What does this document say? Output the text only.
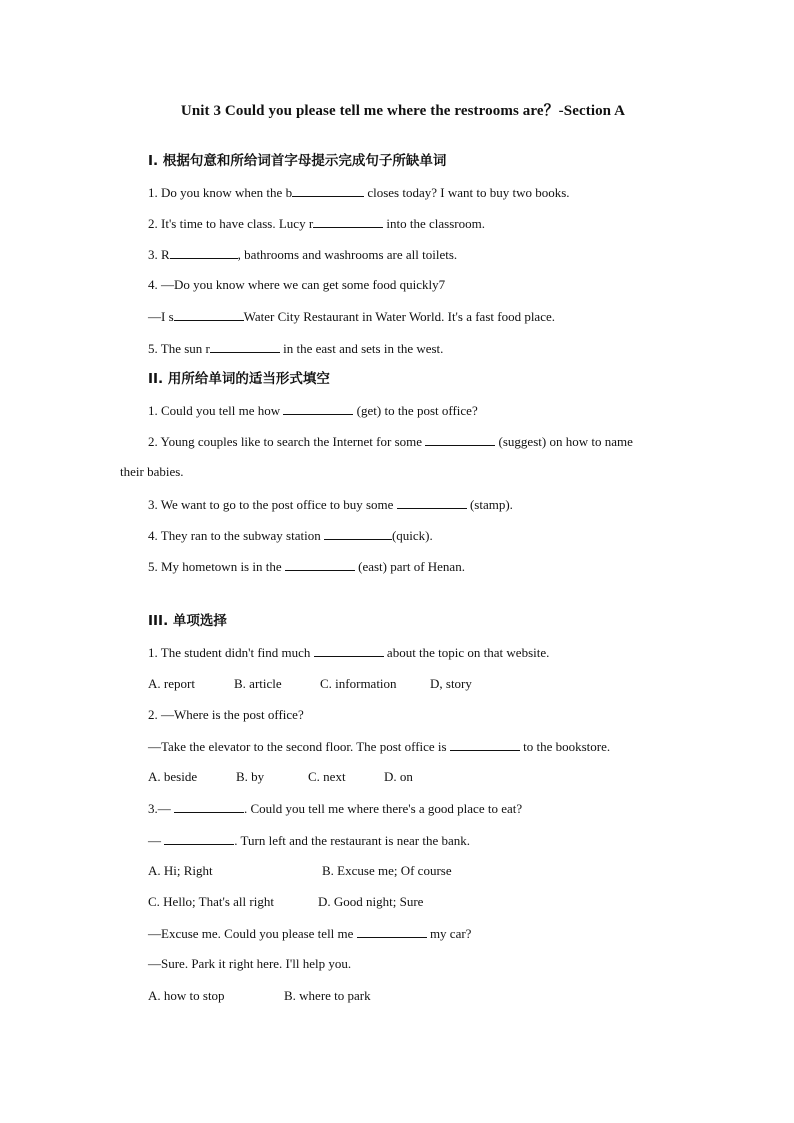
Unit 3 Could you please tell me where the restrooms are？-Section A
I. 根据句意和所给词首字母提示完成句子所缺单词
1. Do you know when the b	closes today? I want to buy two books.
2. It's time to have class. Lucy r	into the classroom.
3. R	, bathrooms and washrooms are all toilets.
4. —Do you know where we can get some food quickly7
—I s	Water City Restaurant in Water World. It's a fast food place.
5. The sun r	in the east and sets in the west.
II. 用所给单词的适当形式填空
1. Could you tell me how	(get) to the post office?
2. Young couples like to search the Internet for some	(suggest) on how to name
their babies.
3. We want to go to the post office to buy some	(stamp).
4. They ran to the subway station	(quick).
5. My hometown is in the	(east) part of Henan.
III. 单项选择
1. The student didn't find much	about the topic on that website.
A. report	B. article	C. information	D, story
2. —Where is the post office?
—Take the elevator to the second floor. The post office is	to the bookstore.
A. beside	B. by	C. next	D. on
3.—	. Could you tell me where there's a good place to eat?
—	. Turn left and the restaurant is near the bank.
A. Hi; Right	B. Excuse me; Of course
C. Hello; That's all right	D. Good night; Sure
—Excuse me. Could you please tell me	my car?
—Sure. Park it right here. I'll help you.
A. how to stop	B. where to park
